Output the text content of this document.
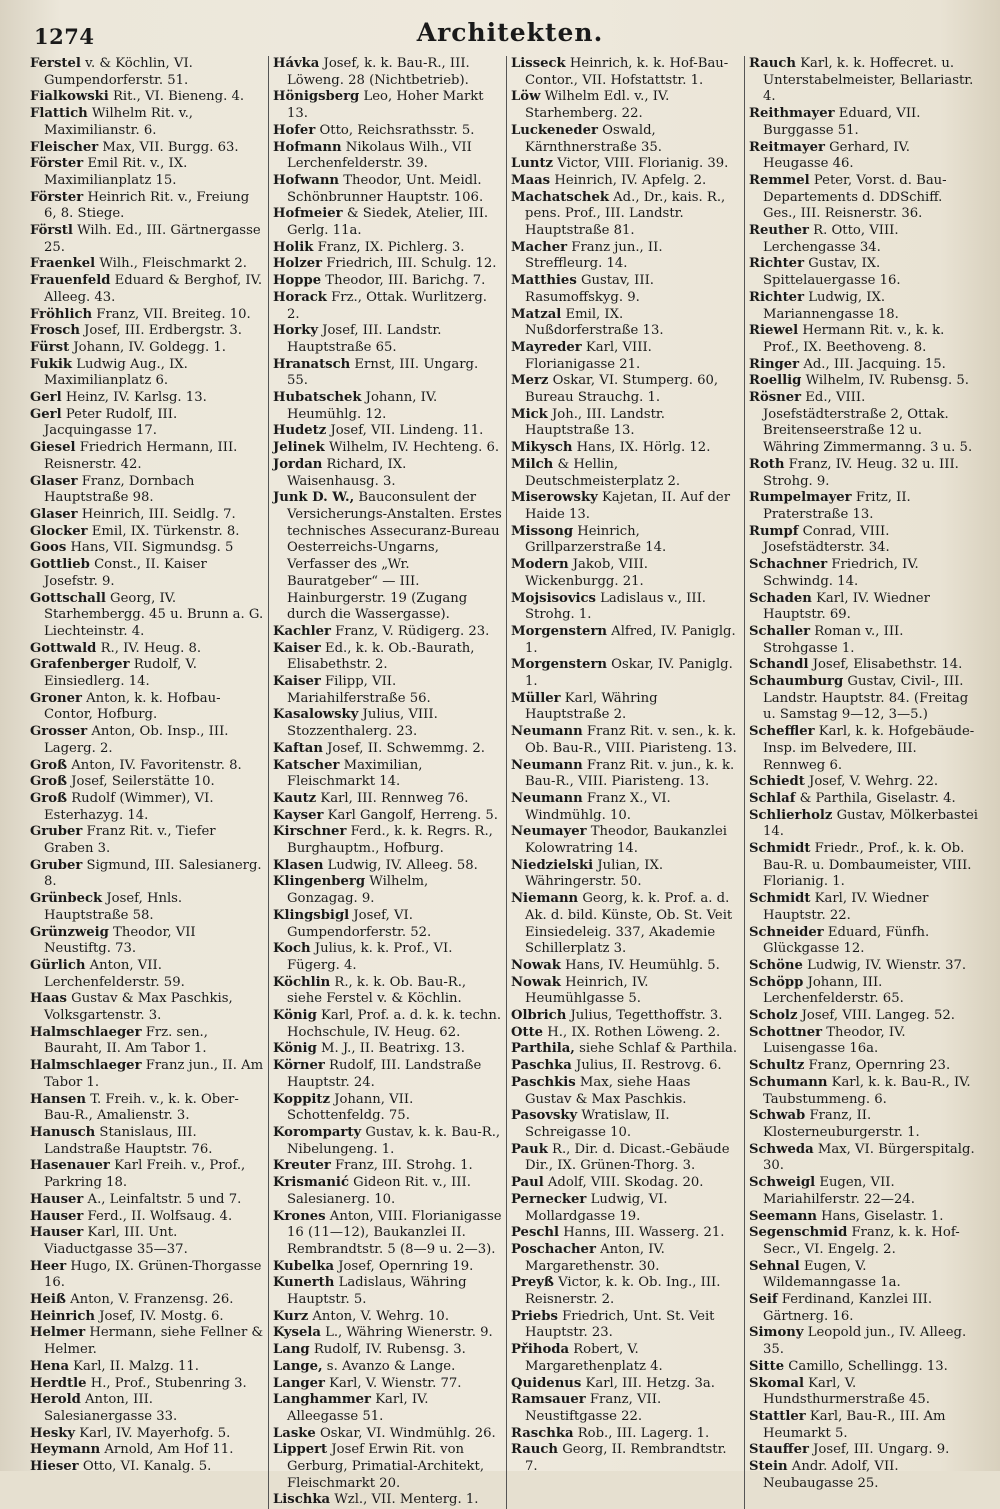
1274	Architekten.

Ferstel v. & Köchlin, VI. Gumpendorferstr. 51.

Fialkowski Rit., VI. Bieneng. 4.

Flattich Wilhelm Rit. v., Maximilianstr. 6.

Fleischer Max, VII. Burgg. 63.

Förster Emil Rit. v., IX. Maximilianplatz 15.

Förster Heinrich Rit. v., Freiung 6, 8. Stiege.

Förstl Wilh. Ed., III. Gärtnergasse 25.

Fraenkel Wilh., Fleischmarkt 2.

Frauenfeld Eduard & Berghof, IV. Alleeg. 43.

Fröhlich Franz, VII. Breiteg. 10.

Frosch Josef, III. Erdbergstr. 3.

Fürst Johann, IV. Goldegg. 1.

Fukik Ludwig Aug., IX. Maximilianplatz 6.

Gerl Heinz, IV. Karlsg. 13.

Gerl Peter Rudolf, III. Jacquingasse 17.

Giesel Friedrich Hermann, III. Reisnerstr. 42.

Glaser Franz, Dornbach Hauptstraße 98.

Glaser Heinrich, III. Seidlg. 7.

Glocker Emil, IX. Türkenstr. 8.

Goos Hans, VII. Sigmundsg. 5

Gottlieb Const., II. Kaiser Josefstr. 9.

Gottschall Georg, IV. Starhembergg. 45 u. Brunn a. G. Liechteinstr. 4.

Gottwald R., IV. Heug. 8.

Grafenberger Rudolf, V. Einsiedlerg. 14.

Groner Anton, k. k. Hofbau-Contor, Hofburg.

Grosser Anton, Ob. Insp., III. Lagerg. 2.

Groß Anton, IV. Favoritenstr. 8.

Groß Josef, Seilerstätte 10.

Groß Rudolf (Wimmer), VI. Esterhazyg. 14.

Gruber Franz Rit. v., Tiefer Graben 3.

Gruber Sigmund, III. Salesianerg. 8.

Grünbeck Josef, Hnls. Hauptstraße 58.

Grünzweig Theodor, VII Neustiftg. 73.

Gürlich Anton, VII. Lerchenfelderstr. 59.

Haas Gustav & Max Paschkis, Volksgartenstr. 3.

Halmschlaeger Frz. sen., Bauraht, II. Am Tabor 1.

Halmschlaeger Franz jun., II. Am Tabor 1.

Hansen T. Freih. v., k. k. Ober-Bau-R., Amalienstr. 3.

Hanusch Stanislaus, III. Landstraße Hauptstr. 76.

Hasenauer Karl Freih. v., Prof., Parkring 18.

Hauser A., Leinfaltstr. 5 und 7.

Hauser Ferd., II. Wolfsaug. 4.

Hauser Karl, III. Unt. Viaductgasse 35—37.

Heer Hugo, IX. Grünen-Thorgasse 16.

Heiß Anton, V. Franzensg. 26.

Heinrich Josef, IV. Mostg. 6.

Helmer Hermann, siehe Fellner & Helmer.

Hena Karl, II. Malzg. 11.

Herdtle H., Prof., Stubenring 3.

Herold Anton, III. Salesianergasse 33.

Hesky Karl, IV. Mayerhofg. 5.

Heymann Arnold, Am Hof 11.

Hieser Otto, VI. Kanalg. 5.

Hávka Josef, k. k. Bau-R., III. Löweng. 28 (Nichtbetrieb).

Hönigsberg Leo, Hoher Markt 13.

Hofer Otto, Reichsrathsstr. 5.

Hofmann Nikolaus Wilh., VII Lerchenfelderstr. 39.

Hofwann Theodor, Unt. Meidl. Schönbrunner Hauptstr. 106.

Hofmeier & Siedek, Atelier, III. Gerlg. 11a.

Holik Franz, IX. Pichlerg. 3.

Holzer Friedrich, III. Schulg. 12.

Hoppe Theodor, III. Barichg. 7.

Horack Frz., Ottak. Wurlitzerg. 2.

Horky Josef, III. Landstr. Hauptstraße 65.

Hranatsch Ernst, III. Ungarg. 55.

Hubatschek Johann, IV. Heumühlg. 12.

Hudetz Josef, VII. Lindeng. 11.

Jelinek Wilhelm, IV. Hechteng. 6.

Jordan Richard, IX. Waisenhausg. 3.

Junk D. W., Bauconsulent der Versicherungs-Anstalten. Erstes technisches Assecuranz-Bureau Oesterreichs-Ungarns, Verfasser des „Wr. Bauratgeber“ — III. Hainburgerstr. 19 (Zugang durch die Wassergasse).

Kachler Franz, V. Rüdigerg. 23.

Kaiser Ed., k. k. Ob.-Baurath, Elisabethstr. 2.

Kaiser Filipp, VII. Mariahilferstraße 56.

Kasalowsky Julius, VIII. Stozzenthalerg. 23.

Kaftan Josef, II. Schwemmg. 2.

Katscher Maximilian, Fleischmarkt 14.

Kautz Karl, III. Rennweg 76.

Kayser Karl Gangolf, Herreng. 5.

Kirschner Ferd., k. k. Regrs. R., Burghauptm., Hofburg.

Klasen Ludwig, IV. Alleeg. 58.

Klingenberg Wilhelm, Gonzagag. 9.

Klingsbigl Josef, VI. Gumpendorferstr. 52.

Koch Julius, k. k. Prof., VI. Fügerg. 4.

Köchlin R., k. k. Ob. Bau-R., siehe Ferstel v. & Köchlin.

König Karl, Prof. a. d. k. k. techn. Hochschule, IV. Heug. 62.

König M. J., II. Beatrixg. 13.

Körner Rudolf, III. Landstraße Hauptstr. 24.

Koppitz Johann, VII. Schottenfeldg. 75.

Koromparty Gustav, k. k. Bau-R., Nibelungeng. 1.

Kreuter Franz, III. Strohg. 1.

Krismanić Gideon Rit. v., III. Salesianerg. 10.

Krones Anton, VIII. Florianigasse 16 (11—12), Baukanzlei II. Rembrandtstr. 5 (8—9 u. 2—3).

Kubelka Josef, Opernring 19.

Kunerth Ladislaus, Währing Hauptstr. 5.

Kurz Anton, V. Wehrg. 10.

Kysela L., Währing Wienerstr. 9.

Lang Rudolf, IV. Rubensg. 3.

Lange, s. Avanzo & Lange.

Langer Karl, V. Wienstr. 77.

Langhammer Karl, IV. Alleegasse 51.

Laske Oskar, VI. Windmühlg. 26.

Lippert Josef Erwin Rit. von Gerburg, Primatial-Architekt, Fleischmarkt 20.

Lischka Wzl., VII. Menterg. 1.

Lisseck Heinrich, k. k. Hof-Bau-Contor., VII. Hofstattstr. 1.

Löw Wilhelm Edl. v., IV. Starhemberg. 22.

Luckeneder Oswald, Kärnthnerstraße 35.

Luntz Victor, VIII. Florianig. 39.

Maas Heinrich, IV. Apfelg. 2.

Machatschek Ad., Dr., kais. R., pens. Prof., III. Landstr. Hauptstraße 81.

Macher Franz jun., II. Streffleurg. 14.

Matthies Gustav, III. Rasumoffskyg. 9.

Matzal Emil, IX. Nußdorferstraße 13.

Mayreder Karl, VIII. Florianigasse 21.

Merz Oskar, VI. Stumperg. 60, Bureau Strauchg. 1.

Mick Joh., III. Landstr. Hauptstraße 13.

Mikysch Hans, IX. Hörlg. 12.

Milch & Hellin, Deutschmeisterplatz 2.

Miserowsky Kajetan, II. Auf der Haide 13.

Missong Heinrich, Grillparzerstraße 14.

Modern Jakob, VIII. Wickenburgg. 21.

Mojsisovics Ladislaus v., III. Strohg. 1.

Morgenstern Alfred, IV. Paniglg. 1.

Morgenstern Oskar, IV. Paniglg. 1.

Müller Karl, Währing Hauptstraße 2.

Neumann Franz Rit. v. sen., k. k. Ob. Bau-R., VIII. Piaristeng. 13.

Neumann Franz Rit. v. jun., k. k. Bau-R., VIII. Piaristeng. 13.

Neumann Franz X., VI. Windmühlg. 10.

Neumayer Theodor, Baukanzlei Kolowratring 14.

Niedzielski Julian, IX. Währingerstr. 50.

Niemann Georg, k. k. Prof. a. d. Ak. d. bild. Künste, Ob. St. Veit Einsiedeleig. 337, Akademie Schillerplatz 3.

Nowak Hans, IV. Heumühlg. 5.

Nowak Heinrich, IV. Heumühlgasse 5.

Olbrich Julius, Tegetthoffstr. 3.

Otte H., IX. Rothen Löweng. 2.

Parthila, siehe Schlaf & Parthila.

Paschka Julius, II. Restrovg. 6.

Paschkis Max, siehe Haas Gustav & Max Paschkis.

Pasovsky Wratislaw, II. Schreigasse 10.

Pauk R., Dir. d. Dicast.-Gebäude Dir., IX. Grünen-Thorg. 3.

Paul Adolf, VIII. Skodag. 20.

Pernecker Ludwig, VI. Mollardgasse 19.

Peschl Hanns, III. Wasserg. 21.

Poschacher Anton, IV. Margarethenstr. 30.

Preyß Victor, k. k. Ob. Ing., III. Reisnerstr. 2.

Priebs Friedrich, Unt. St. Veit Hauptstr. 23.

Přihoda Robert, V. Margarethenplatz 4.

Quidenus Karl, III. Hetzg. 3a.

Ramsauer Franz, VII. Neustiftgasse 22.

Raschka Rob., III. Lagerg. 1.

Rauch Georg, II. Rembrandtstr. 7.

Rauch Karl, k. k. Hoffecret. u. Unterstabelmeister, Bellariastr. 4.

Reithmayer Eduard, VII. Burggasse 51.

Reitmayer Gerhard, IV. Heugasse 46.

Remmel Peter, Vorst. d. Bau-Departements d. DDSchiff. Ges., III. Reisnerstr. 36.

Reuther R. Otto, VIII. Lerchengasse 34.

Richter Gustav, IX. Spittelauergasse 16.

Richter Ludwig, IX. Mariannengasse 18.

Riewel Hermann Rit. v., k. k. Prof., IX. Beethoveng. 8.

Ringer Ad., III. Jacquing. 15.

Roellig Wilhelm, IV. Rubensg. 5.

Rösner Ed., VIII. Josefstädterstraße 2, Ottak. Breitenseerstraße 12 u. Währing Zimmermanng. 3 u. 5.

Roth Franz, IV. Heug. 32 u. III. Strohg. 9.

Rumpelmayer Fritz, II. Praterstraße 13.

Rumpf Conrad, VIII. Josefstädterstr. 34.

Schachner Friedrich, IV. Schwindg. 14.

Schaden Karl, IV. Wiedner Hauptstr. 69.

Schaller Roman v., III. Strohgasse 1.

Schandl Josef, Elisabethstr. 14.

Schaumburg Gustav, Civil-, III. Landstr. Hauptstr. 84. (Freitag u. Samstag 9—12, 3—5.)

Scheffler Karl, k. k. Hofgebäude-Insp. im Belvedere, III. Rennweg 6.

Schiedt Josef, V. Wehrg. 22.

Schlaf & Parthila, Giselastr. 4.

Schlierholz Gustav, Mölkerbastei 14.

Schmidt Friedr., Prof., k. k. Ob. Bau-R. u. Dombaumeister, VIII. Florianig. 1.

Schmidt Karl, IV. Wiedner Hauptstr. 22.

Schneider Eduard, Fünfh. Glückgasse 12.

Schöne Ludwig, IV. Wienstr. 37.

Schöpp Johann, III. Lerchenfelderstr. 65.

Scholz Josef, VIII. Langeg. 52.

Schottner Theodor, IV. Luisengasse 16a.

Schultz Franz, Opernring 23.

Schumann Karl, k. k. Bau-R., IV. Taubstummeng. 6.

Schwab Franz, II. Klosterneuburgerstr. 1.

Schweda Max, VI. Bürgerspitalg. 30.

Schweigl Eugen, VII. Mariahilferstr. 22—24.

Seemann Hans, Giselastr. 1.

Segenschmid Franz, k. k. Hof-Secr., VI. Engelg. 2.

Sehnal Eugen, V. Wildemanngasse 1a.

Seif Ferdinand, Kanzlei III. Gärtnerg. 16.

Simony Leopold jun., IV. Alleeg. 35.

Sitte Camillo, Schellingg. 13.

Skomal Karl, V. Hundsthurmerstraße 45.

Stattler Karl, Bau-R., III. Am Heumarkt 5.

Stauffer Josef, III. Ungarg. 9.

Stein Andr. Adolf, VII. Neubaugasse 25.
